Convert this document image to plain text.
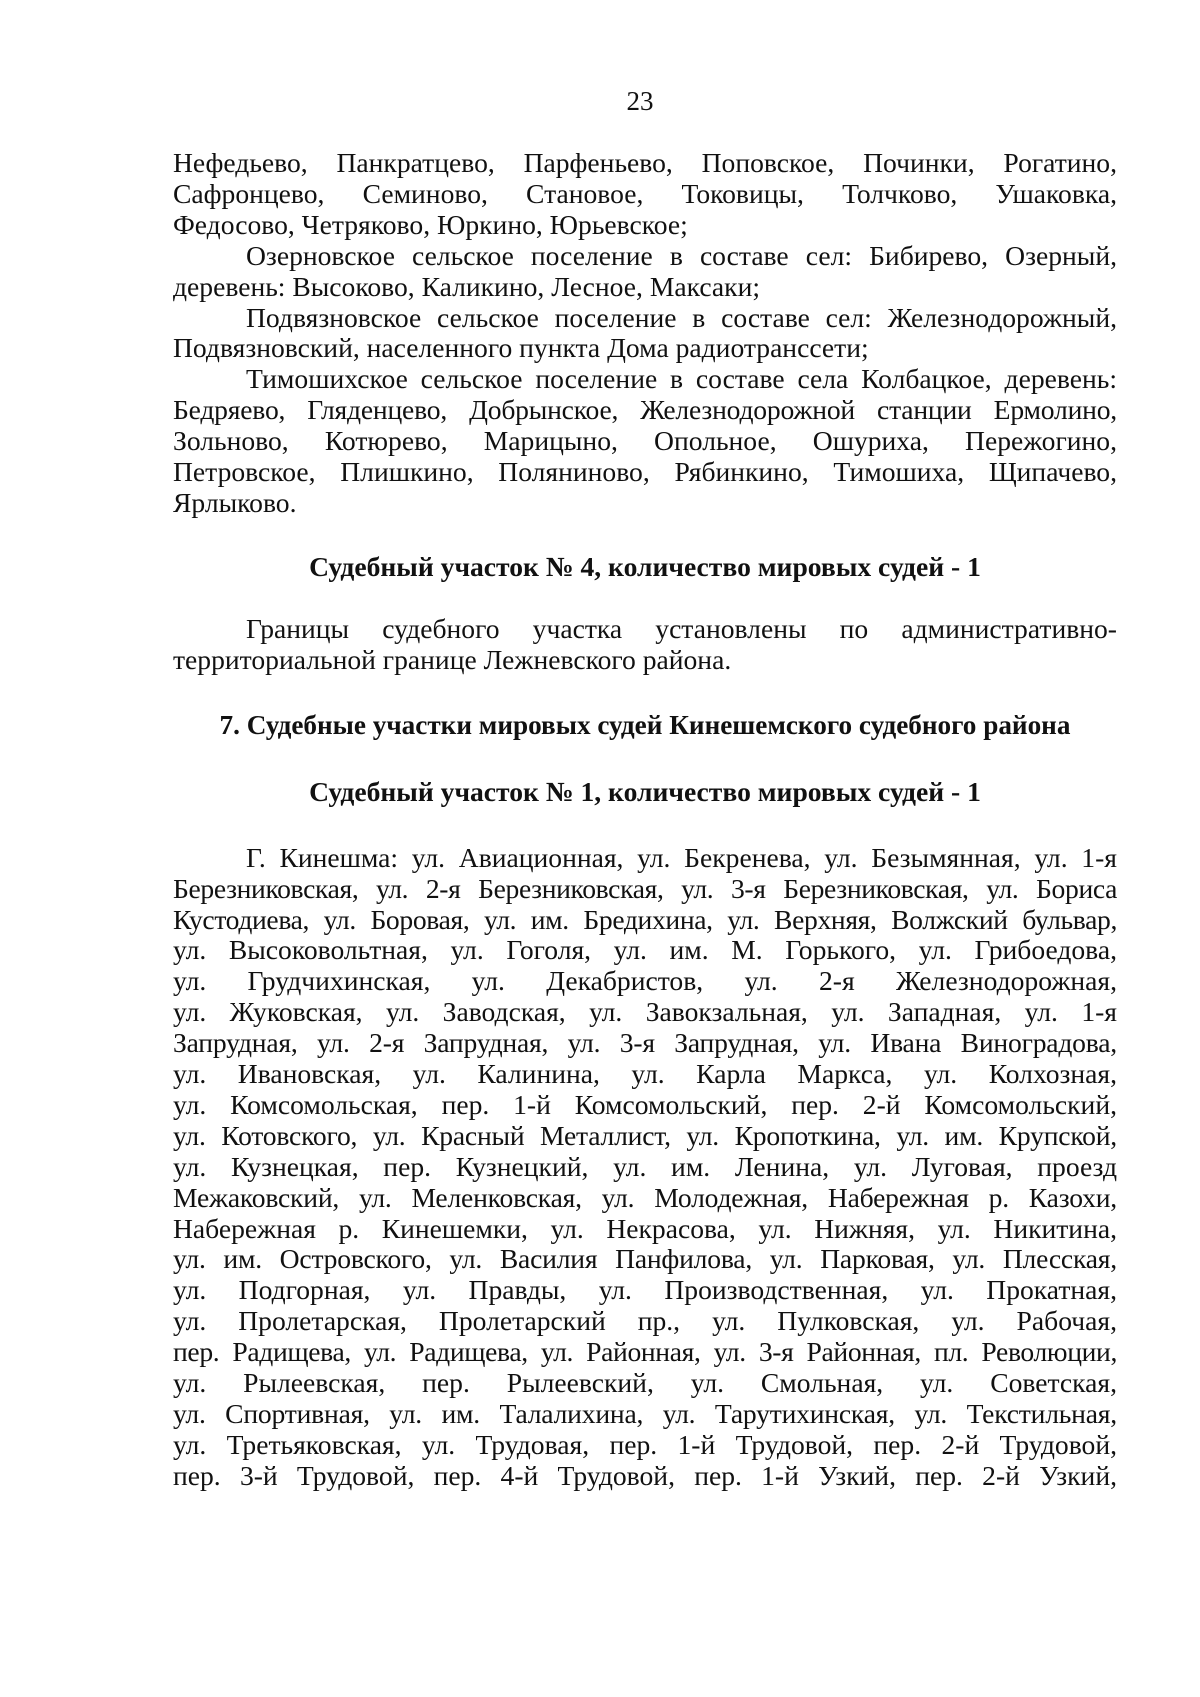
23

Нефедьево, Панкратцево, Парфеньево, Поповское, Починки, Рогатино,

Сафронцево, Семиново, Становое, Токовицы, Толчково, Ушаковка,

Федосово, Четряково, Юркино, Юрьевское;

Озерновское сельское поселение в составе сел: Бибирево, Озерный,

деревень: Высоково, Каликино, Лесное, Максаки;

Подвязновское сельское поселение в составе сел: Железнодорожный,

Подвязновский, населенного пункта Дома радиотранссети;

Тимошихское сельское поселение в составе села Колбацкое, деревень:

Бедряево, Гляденцево, Добрынское, Железнодорожной станции Ермолино,

Зольново, Котюрево, Марицыно, Опольное, Ошуриха, Пережогино,

Петровское, Плишкино, Поляниново, Рябинкино, Тимошиха, Щипачево,

Ярлыково.

Судебный участок № 4, количество мировых судей - 1

Границы судебного участка установлены по административно-

территориальной границе Лежневского района.

7. Судебные участки мировых судей Кинешемского судебного района
Судебный участок № 1, количество мировых судей - 1

Г. Кинешма: ул. Авиационная, ул. Бекренева, ул. Безымянная, ул. 1-я

Березниковская, ул. 2-я Березниковская, ул. 3-я Березниковская, ул. Бориса

Кустодиева, ул. Боровая, ул. им. Бредихина, ул. Верхняя, Волжский бульвар,

ул. Высоковольтная, ул. Гоголя, ул. им. М. Горького, ул. Грибоедова,

ул. Грудчихинская, ул. Декабристов, ул. 2-я Железнодорожная,

ул. Жуковская, ул. Заводская, ул. Завокзальная, ул. Западная, ул. 1-я

Запрудная, ул. 2-я Запрудная, ул. 3-я Запрудная, ул. Ивана Виноградова,

ул. Ивановская, ул. Калинина, ул. Карла Маркса, ул. Колхозная,

ул. Комсомольская, пер. 1-й Комсомольский, пер. 2-й Комсомольский,

ул. Котовского, ул. Красный Металлист, ул. Кропоткина, ул. им. Крупской,

ул. Кузнецкая, пер. Кузнецкий, ул. им. Ленина, ул. Луговая, проезд

Межаковский, ул. Меленковская, ул. Молодежная, Набережная р. Казохи,

Набережная р. Кинешемки, ул. Некрасова, ул. Нижняя, ул. Никитина,

ул. им. Островского, ул. Василия Панфилова, ул. Парковая, ул. Плесская,

ул. Подгорная, ул. Правды, ул. Производственная, ул. Прокатная,

ул. Пролетарская, Пролетарский пр., ул. Пулковская, ул. Рабочая,

пер. Радищева, ул. Радищева, ул. Районная, ул. 3-я Районная, пл. Революции,

ул. Рылеевская, пер. Рылеевский, ул. Смольная, ул. Советская,

ул. Спортивная, ул. им. Талалихина, ул. Тарутихинская, ул. Текстильная,

ул. Третьяковская, ул. Трудовая, пер. 1-й Трудовой, пер. 2-й Трудовой,

пер. 3-й Трудовой, пер. 4-й Трудовой, пер. 1-й Узкий, пер. 2-й Узкий,
